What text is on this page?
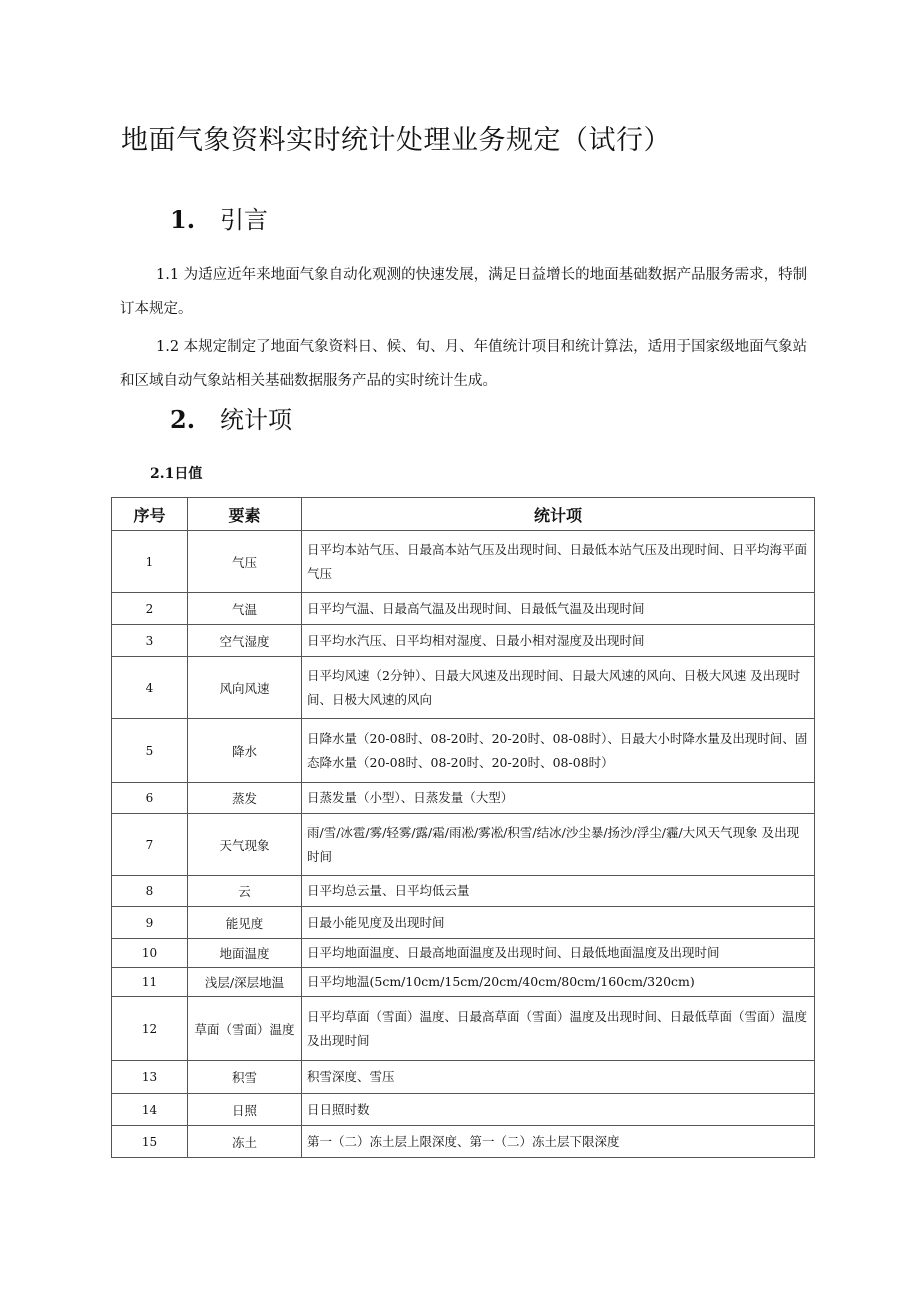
地面气象资料实时统计处理业务规定（试行）
1. 引言
1.1 为适应近年来地面气象自动化观测的快速发展，满足日益增长的地面基础数据产品服务需求，特制订本规定。
1.2 本规定制定了地面气象资料日、候、旬、月、年值统计项目和统计算法，适用于国家级地面气象站和区域自动气象站相关基础数据服务产品的实时统计生成。
2. 统计项
2.1日值
序号	要素	统计项
1	气压	日平均本站气压、日最高本站气压及出现时间、日最低本站气压及出现时间、日平均海平面气压
2	气温	日平均气温、日最高气温及出现时间、日最低气温及出现时间
3	空气湿度	日平均水汽压、日平均相对湿度、日最小相对湿度及出现时间
4	风向风速	日平均风速（2分钟）、日最大风速及出现时间、日最大风速的风向、日极大风速 及出现时间、日极大风速的风向
5	降水	日降水量（20-08时、08-20时、20-20时、08-08时）、日最大小时降水量及出现时间、固态降水量（20-08时、08-20时、20-20时、08-08时）
6	蒸发	日蒸发量（小型）、日蒸发量（大型）
7	天气现象	雨/雪/冰雹/雾/轻雾/露/霜/雨凇/雾凇/积雪/结冰/沙尘暴/扬沙/浮尘/霾/大风天气现象 及出现时间
8	云	日平均总云量、日平均低云量
9	能见度	日最小能见度及出现时间
10	地面温度	日平均地面温度、日最高地面温度及出现时间、日最低地面温度及出现时间
11	浅层/深层地温	日平均地温(5cm/10cm/15cm/20cm/40cm/80cm/160cm/320cm)
12	草面（雪面）温度	日平均草面（雪面）温度、日最高草面（雪面）温度及出现时间、日最低草面（雪面）温度及出现时间
13	积雪	积雪深度、雪压
14	日照	日日照时数
15	冻土	第一（二）冻土层上限深度、第一（二）冻土层下限深度
